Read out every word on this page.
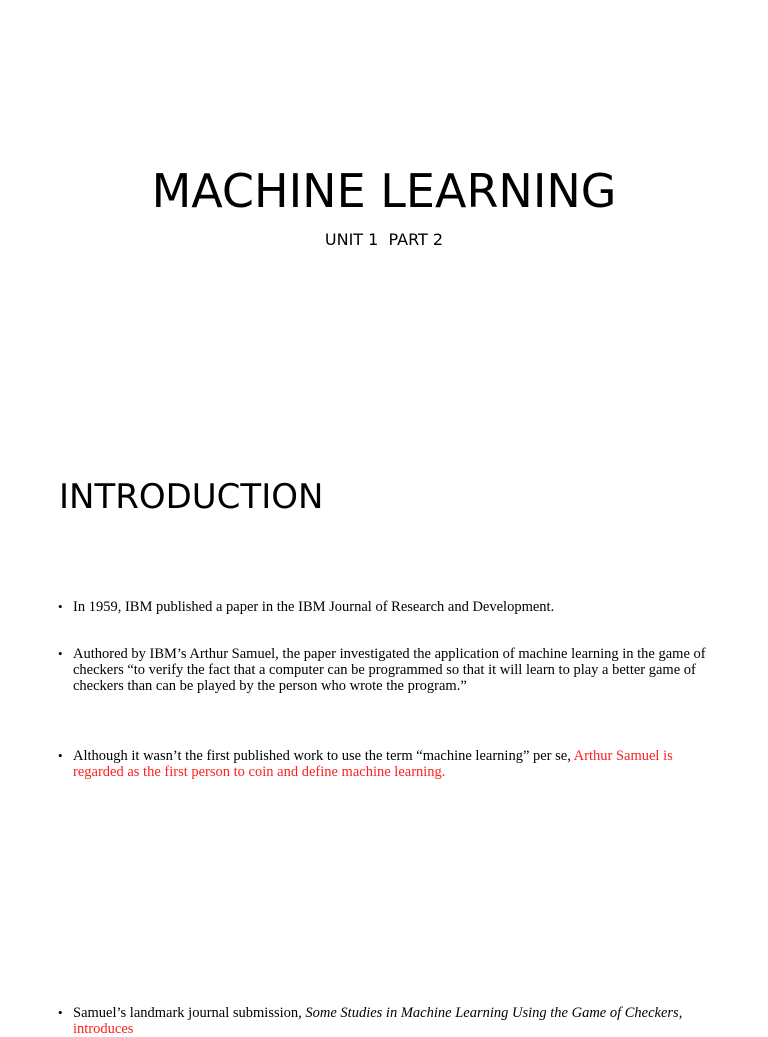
MACHINE LEARNING
UNIT 1  PART 2
INTRODUCTION
• In 1959, IBM published a paper in the IBM Journal of Research and Development.
• Authored by IBM’s Arthur Samuel, the paper investigated the application of machine learning in the game of checkers “to verify the fact that a computer can be programmed so that it will learn to play a better game of checkers than can be played by the person who wrote the program.”
• Although it wasn’t the first published work to use the term “machine learning” per se, Arthur Samuel is regarded as the first person to coin and define machine learning.
• Samuel’s landmark journal submission, Some Studies in Machine Learning Using the Game of Checkers, introduces
